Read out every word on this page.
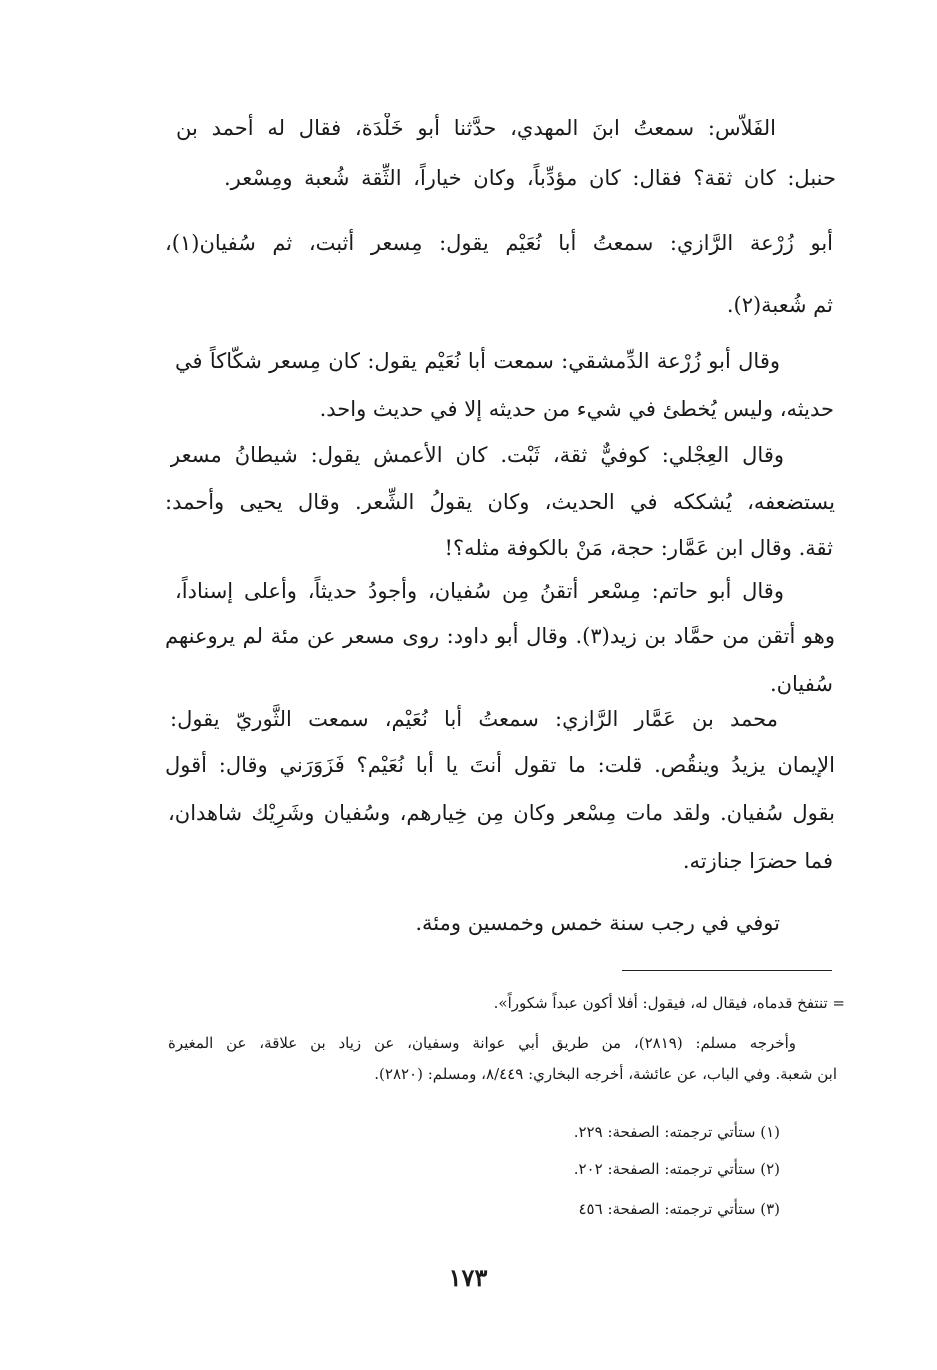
الفَلاّس: سمعتُ ابنَ المهدي، حدَّثنا أبو خَلْدَة، فقال له أحمد بن
حنبل: كان ثقة؟ فقال: كان مؤدِّباً، وكان خياراً، الثِّقة شُعبة ومِسْعر.
أبو زُرْعة الرَّازي: سمعتُ أبا نُعَيْم يقول: مِسعر أثبت، ثم سُفيان(١)،
ثم شُعبة(٢).
وقال أبو زُرْعة الدِّمشقي: سمعت أبا نُعَيْم يقول: كان مِسعر شكَّاكاً في
حديثه، وليس يُخطئ في شيء من حديثه إلا في حديث واحد.
وقال العِجْلي: كوفيٌّ ثقة، ثَبْت. كان الأعمش يقول: شيطانُ مسعر
يستضعفه، يُشككه في الحديث، وكان يقولُ الشِّعر. وقال يحيى وأحمد:
ثقة. وقال ابن عَمَّار: حجة، مَنْ بالكوفة مثله؟!
وقال أبو حاتم: مِسْعر أتقنُ مِن سُفيان، وأجودُ حديثاً، وأعلى إسناداً،
وهو أتقن من حمَّاد بن زيد(٣). وقال أبو داود: روى مسعر عن مئة لم يروعنهم
سُفيان.
محمد بن عَمَّار الرَّازي: سمعتُ أبا نُعَيْم، سمعت الثَّوريّ يقول:
الإيمان يزيدُ وينقُص. قلت: ما تقول أنتَ يا أبا نُعَيْم؟ فَزَوَرَني وقال: أقول
بقول سُفيان. ولقد مات مِسْعر وكان مِن خِيارهم، وسُفيان وشَرِيْك شاهدان،
فما حضرَا جنازته.
توفي في رجب سنة خمس وخمسين ومئة.
= تنتفخ قدماه، فيقال له، فيقول: أفلا أكون عبداً شكوراً».
وأخرجه مسلم: (٢٨١٩)، من طريق أبي عوانة وسفيان، عن زياد بن علاقة، عن المغيرة
ابن شعبة. وفي الباب، عن عائشة، أخرجه البخاري: ٨/٤٤٩، ومسلم: (٢٨٢٠).
(١) ستأتي ترجمته: الصفحة: ٢٢٩.
(٢) ستأتي ترجمته: الصفحة: ٢٠٢.
(٣) ستأتي ترجمته: الصفحة: ٤٥٦
١٧٣
